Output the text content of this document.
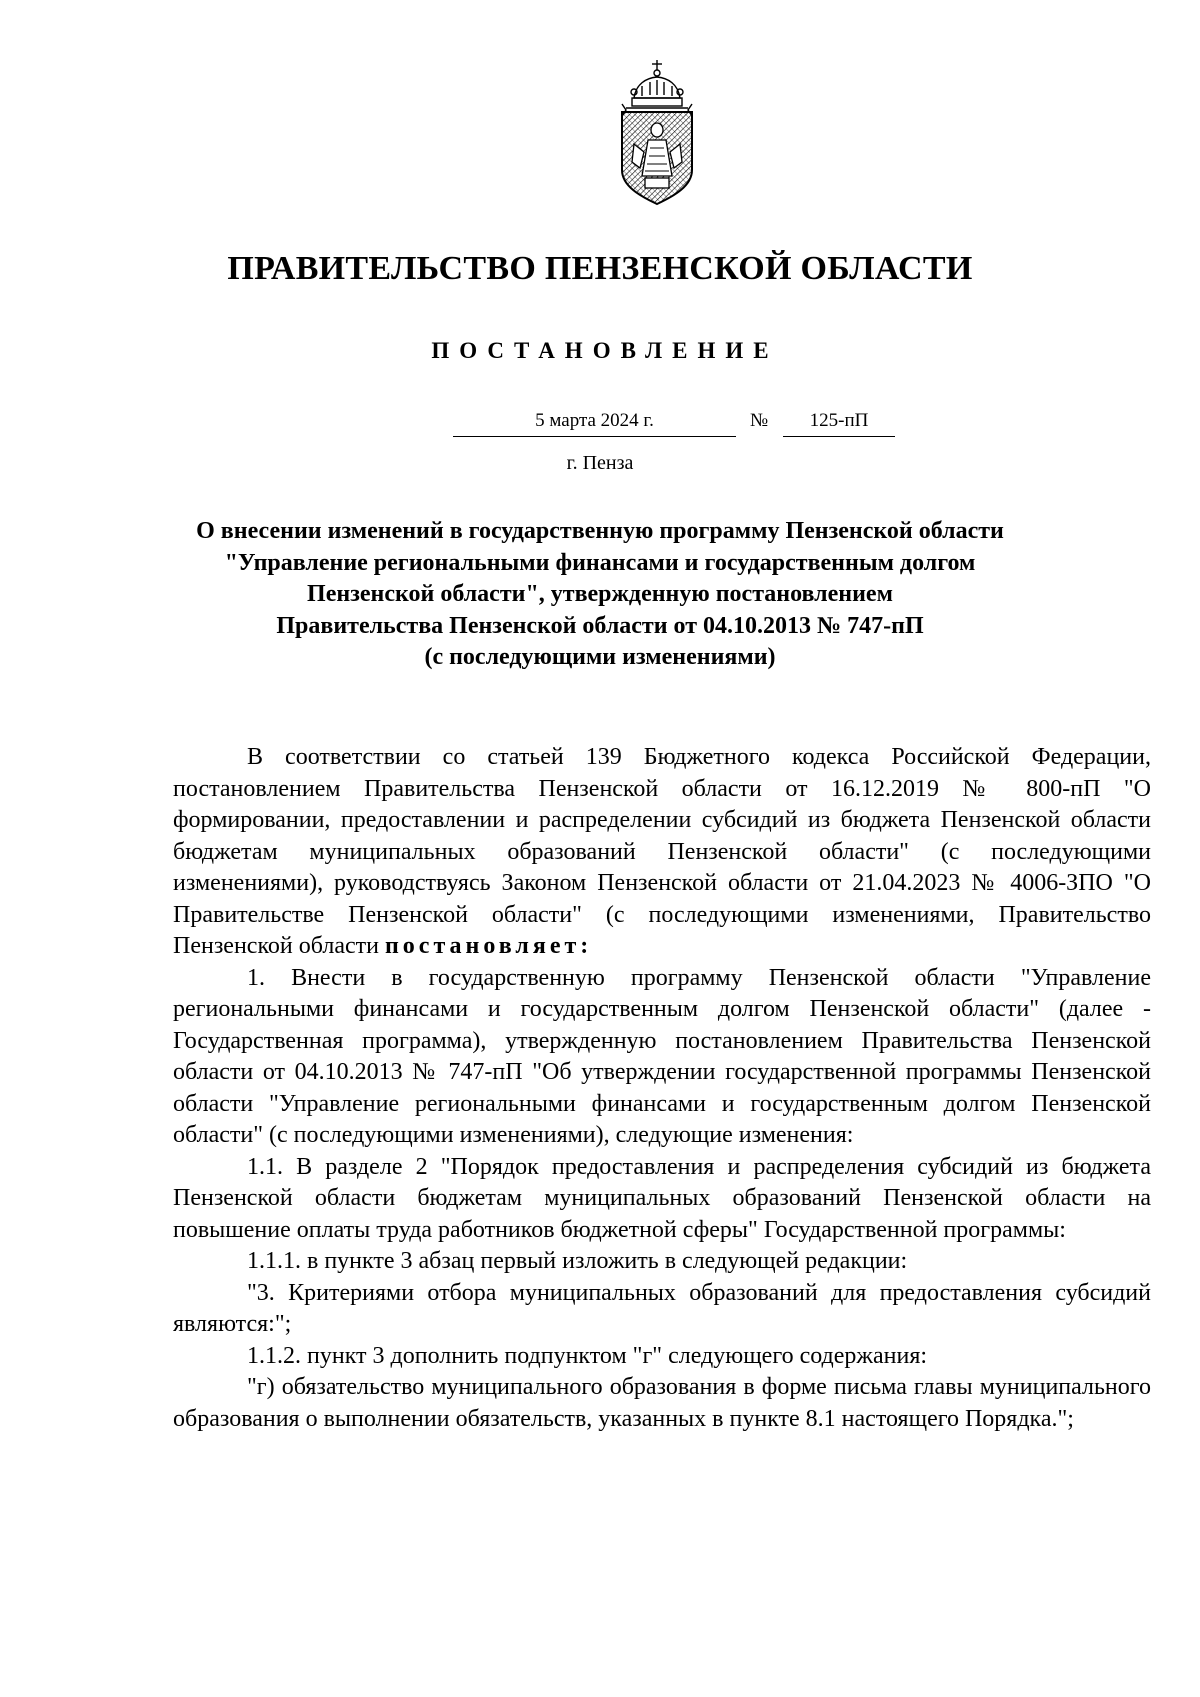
ПРАВИТЕЛЬСТВО ПЕНЗЕНСКОЙ ОБЛАСТИ
ПОСТАНОВЛЕНИЕ
5 марта 2024 г.	№	125-пП
г. Пенза
О внесении изменений в государственную программу Пензенской области
"Управление региональными финансами и государственным долгом
Пензенской области", утвержденную постановлением
Правительства Пензенской области от 04.10.2013 № 747-пП
(с последующими изменениями)

В соответствии со статьей 139 Бюджетного кодекса Российской Федерации, постановлением Правительства Пензенской области от 16.12.2019 № 800-пП "О формировании, предоставлении и распределении субсидий из бюджета Пензенской области бюджетам муниципальных образований Пензенской области" (с последующими изменениями), руководствуясь Законом Пензенской области от 21.04.2023 № 4006-ЗПО "О Правительстве Пензенской области" (с последующими изменениями, Правительство Пензенской области постановляет:

1. Внести в государственную программу Пензенской области "Управление региональными финансами и государственным долгом Пензенской области" (далее - Государственная программа), утвержденную постановлением Правительства Пензенской области от 04.10.2013 № 747-пП "Об утверждении государственной программы Пензенской области "Управление региональными финансами и государственным долгом Пензенской области" (с последующими изменениями), следующие изменения:

1.1. В разделе 2 "Порядок предоставления и распределения субсидий из бюджета Пензенской области бюджетам муниципальных образований Пензенской области на повышение оплаты труда работников бюджетной сферы" Государственной программы:

1.1.1. в пункте 3 абзац первый изложить в следующей редакции:

"3. Критериями отбора муниципальных образований для предоставления субсидий являются:";

1.1.2. пункт 3 дополнить подпунктом "г" следующего содержания:

"г) обязательство муниципального образования в форме письма главы муниципального образования о выполнении обязательств, указанных в пункте 8.1 настоящего Порядка.";
